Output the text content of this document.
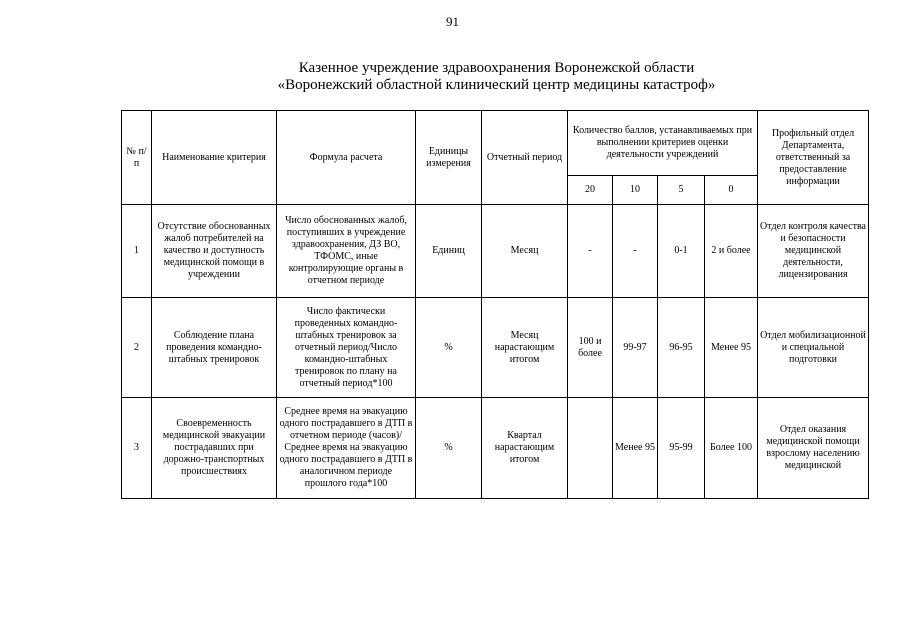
91
Казенное учреждение здравоохранения Воронежской области
«Воронежский областной клинический центр медицины катастроф»
№ п/п	Наименование критерия	Формула расчета	Единицы измерения	Отчетный период	Количество баллов, устанавливаемых при выполнении критериев оценки деятельности учреждений				Профильный отдел Департамента, ответственный за предоставление информации
					20	10	5	0	
1	Отсутствие обоснованных жалоб потребителей на качество и доступность медицинской помощи в учреждении	Число обоснованных жалоб, поступивших в учреждение здравоохранения, ДЗ ВО, ТФОМС, иные контролирующие органы в отчетном периоде	Единиц	Месяц	-	-	0-1	2 и более	Отдел контроля качества и безопасности медицинской деятельности, лицензирования
2	Соблюдение плана проведения командно-штабных тренировок	Число фактически проведенных командно-штабных тренировок за отчетный период/Число командно-штабных тренировок по плану на отчетный период*100	%	Месяц нарастающим итогом	100 и более	99-97	96-95	Менее 95	Отдел мобилизационной и специальной подготовки
3	Своевременность медицинской эвакуации пострадавших при дорожно-транспортных происшествиях	Среднее время на эвакуацию одного пострадавшего в ДТП в отчетном периоде (часов)/Среднее время на эвакуацию одного пострадавшего в ДТП в аналогичном периоде прошлого года*100	%	Квартал нарастающим итогом		Менее 95	95-99	Более 100	Отдел оказания медицинской помощи взрослому населению медицинской
